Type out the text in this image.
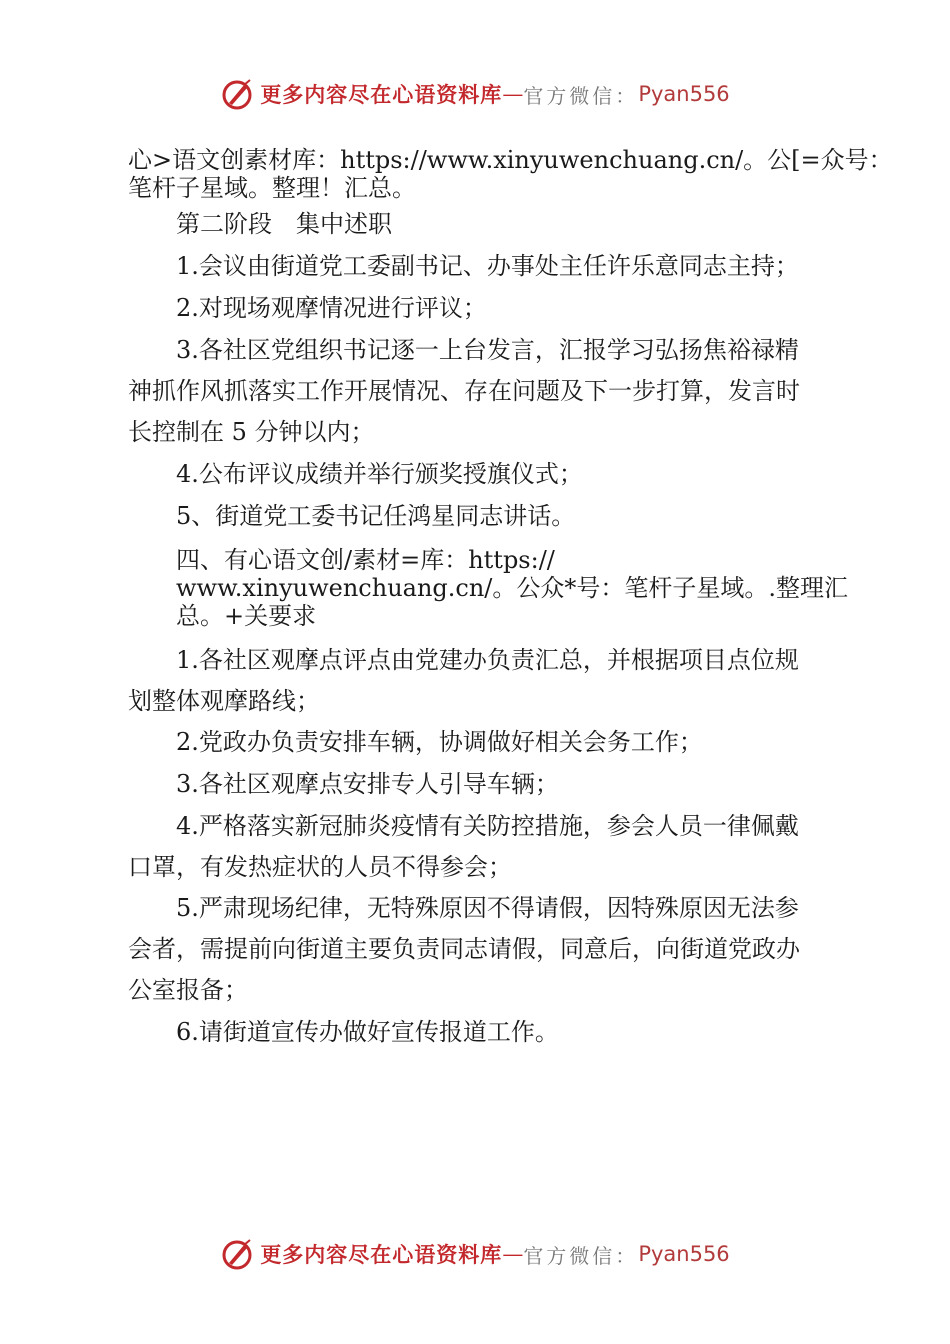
更多内容尽在心语资料库 — 官方微信： Pyan556
心>语文创素材库：https://www.xinyuwenchuang.cn/。公[=众号：
笔杆子星域。整理！汇总。
　　第二阶段　集中述职
　　1.会议由街道党工委副书记、办事处主任许乐意同志主持；
　　2.对现场观摩情况进行评议；
　　3.各社区党组织书记逐一上台发言，汇报学习弘扬焦裕禄精
神抓作风抓落实工作开展情况、存在问题及下一步打算，发言时
长控制在 5 分钟以内；
　　4.公布评议成绩并举行颁奖授旗仪式；
　　5、街道党工委书记任鸿星同志讲话。
　　四、有心语文创/素材=库：https://
　　www.xinyuwenchuang.cn/。公众*号：笔杆子星域。.整理汇
　　总。+关要求
　　1.各社区观摩点评点由党建办负责汇总，并根据项目点位规
划整体观摩路线；
　　2.党政办负责安排车辆，协调做好相关会务工作；
　　3.各社区观摩点安排专人引导车辆；
　　4.严格落实新冠肺炎疫情有关防控措施，参会人员一律佩戴
口罩，有发热症状的人员不得参会；
　　5.严肃现场纪律，无特殊原因不得请假，因特殊原因无法参
会者，需提前向街道主要负责同志请假，同意后，向街道党政办
公室报备；
　　6.请街道宣传办做好宣传报道工作。
更多内容尽在心语资料库 — 官方微信： Pyan556
